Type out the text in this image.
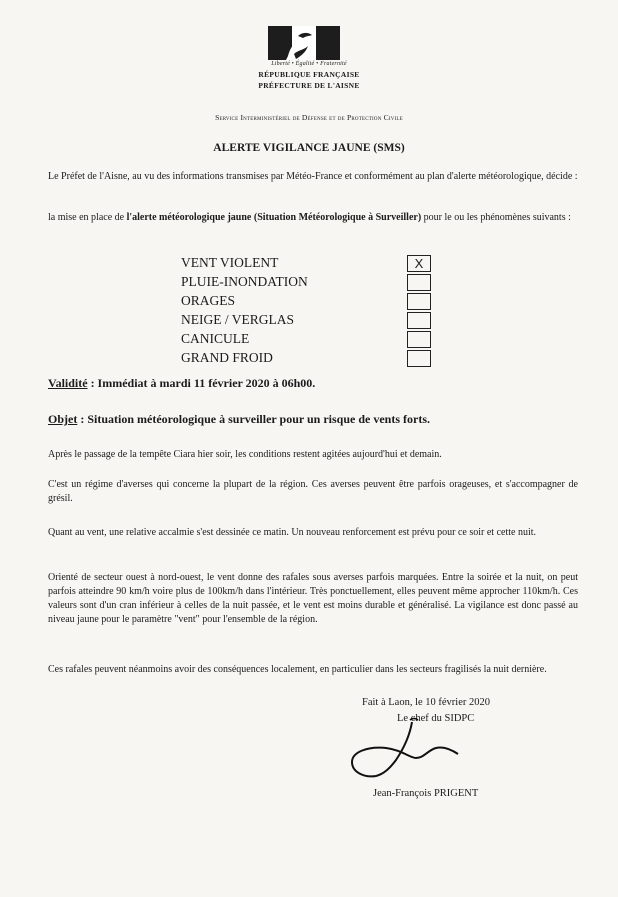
Liberté • Égalité • Fraternité
RÉPUBLIQUE FRANÇAISE
PRÉFECTURE DE L'AISNE
Service Interministériel de Défense et de Protection Civile
ALERTE VIGILANCE JAUNE (SMS)
Le Préfet de l'Aisne, au vu des informations transmises par Météo-France et conformément au plan d'alerte météorologique, décide :
la mise en place de l'alerte météorologique jaune (Situation Météorologique à Surveiller) pour le ou les phénomènes suivants :
VENT VIOLENT	X
PLUIE-INONDATION
ORAGES
NEIGE / VERGLAS
CANICULE
GRAND FROID
Validité : Immédiat à mardi 11 février 2020 à 06h00.
Objet : Situation météorologique à surveiller pour un risque de vents forts.
Après le passage de la tempête Ciara hier soir, les conditions restent agitées aujourd'hui et demain.
C'est un régime d'averses qui concerne la plupart de la région. Ces averses peuvent être parfois orageuses, et s'accompagner de grésil.
Quant au vent, une relative accalmie s'est dessinée ce matin. Un nouveau renforcement est prévu pour ce soir et cette nuit.
Orienté de secteur ouest à nord-ouest, le vent donne des rafales sous averses parfois marquées. Entre la soirée et la nuit, on peut parfois atteindre 90 km/h voire plus de 100km/h dans l'intérieur. Très ponctuellement, elles peuvent même approcher 110km/h. Ces valeurs sont d'un cran inférieur à celles de la nuit passée, et le vent est moins durable et généralisé. La vigilance est donc passé au niveau jaune pour le paramètre "vent" pour l'ensemble de la région.
Ces rafales peuvent néanmoins avoir des conséquences localement, en particulier dans les secteurs fragilisés la nuit dernière.
Fait à Laon, le 10 février 2020
Le chef du SIDPC
Jean-François PRIGENT
